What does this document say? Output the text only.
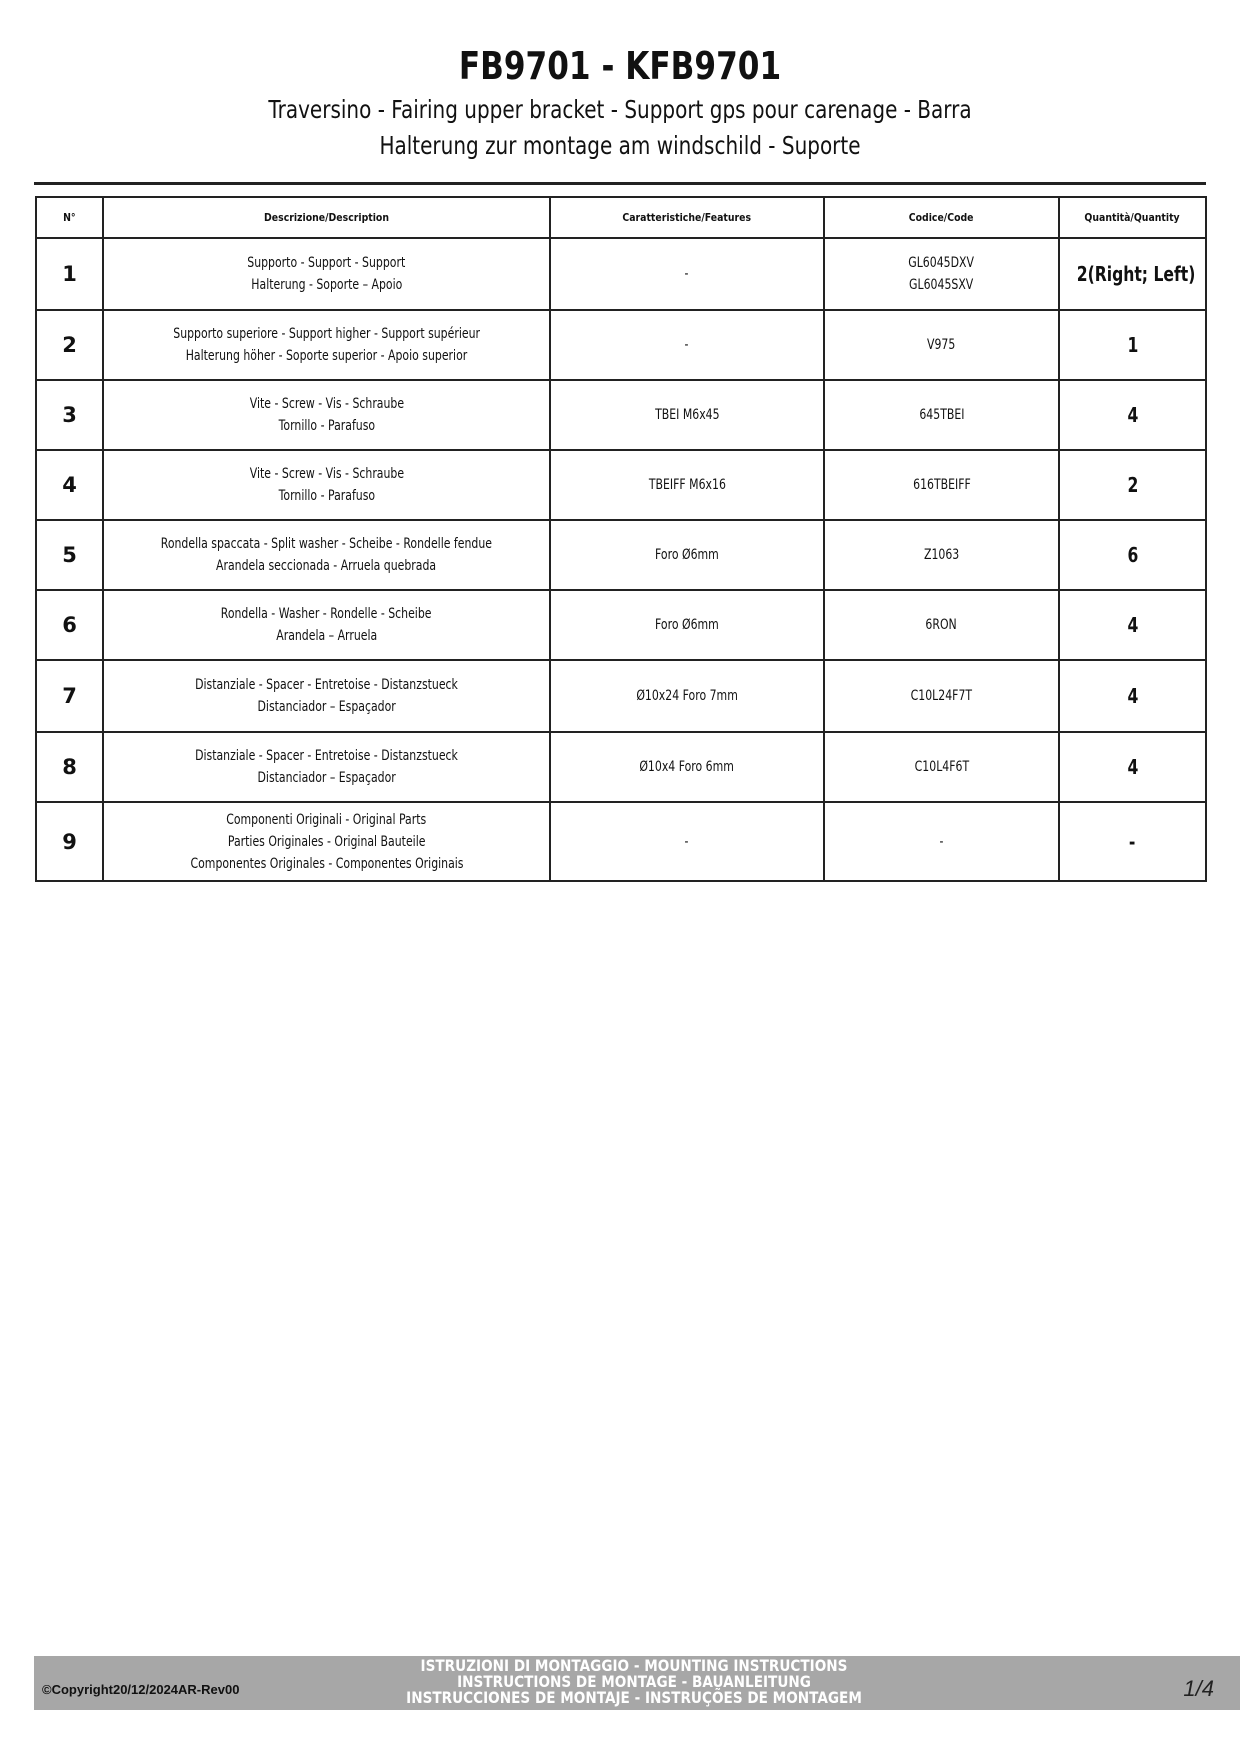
FB9701 - KFB9701

Traversino - Fairing upper bracket - Support gps pour carenage - Barra

Halterung zur montage am windschild - Suporte

N°	Descrizione/Description	Caratteristiche/Features	Codice/Code	Quantità/Quantity
1	Supporto - Support - Support
Halterung - Soporte – Apoio	-	GL6045DXV
GL6045SXV	2(Right; Left)
2	Supporto superiore - Support higher - Support supérieur
Halterung höher - Soporte superior - Apoio superior	-	V975	1
3	Vite - Screw - Vis - Schraube
Tornillo - Parafuso	TBEI M6x45	645TBEI	4
4	Vite - Screw - Vis - Schraube
Tornillo - Parafuso	TBEIFF M6x16	616TBEIFF	2
5	Rondella spaccata - Split washer - Scheibe - Rondelle fendue
Arandela seccionada - Arruela quebrada	Foro Ø6mm	Z1063	6
6	Rondella - Washer - Rondelle - Scheibe
Arandela – Arruela	Foro Ø6mm	6RON	4
7	Distanziale - Spacer - Entretoise - Distanzstueck
Distanciador – Espaçador	Ø10x24 Foro 7mm	C10L24F7T	4
8	Distanziale - Spacer - Entretoise - Distanzstueck
Distanciador – Espaçador	Ø10x4 Foro 6mm	C10L4F6T	4
9	Componenti Originali - Original Parts
Parties Originales - Original Bauteile
Componentes Originales - Componentes Originais	-	-	-
©Copyright20/12/2024AR-Rev00
ISTRUZIONI DI MONTAGGIO - MOUNTING INSTRUCTIONS
INSTRUCTIONS DE MONTAGE - BAUANLEITUNG
INSTRUCCIONES DE MONTAJE - INSTRUÇÕES DE MONTAGEM	1/4
